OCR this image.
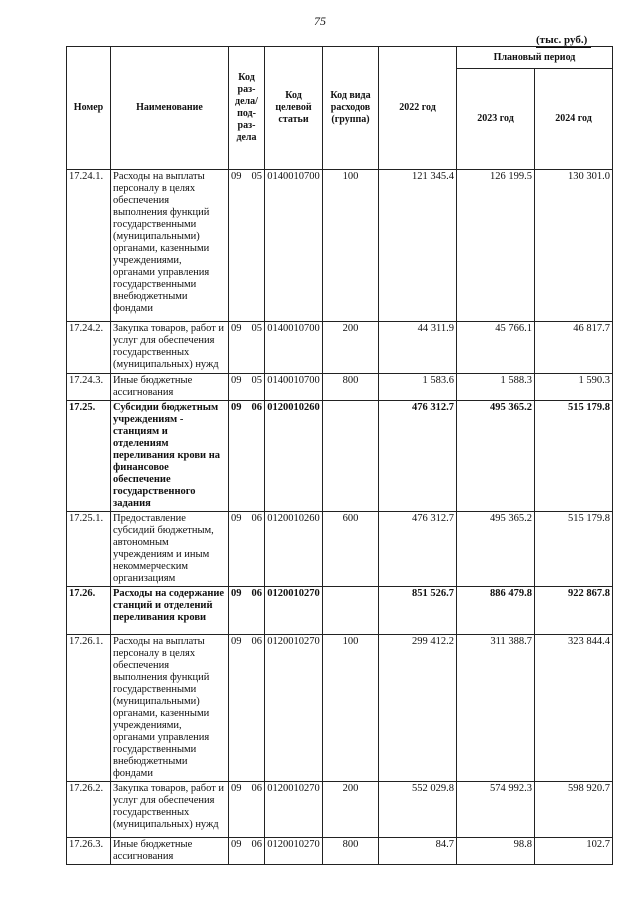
75
(тыс. руб.)
Номер	Наименование	Код раз-дела/ под-раз-дела	Код целевой статьи	Код вида расходов (группа)	2022 год	Плановый период	
						2023 год	2024 год
17.24.1.	Расходы на выплаты персоналу в целях обеспечения выполнения функций государственными (муниципальными) органами, казенными учреждениями, органами управления государственными внебюджетными фондами	09 05	0140010700	100	121 345.4	126 199.5	130 301.0
17.24.2.	Закупка товаров, работ и услуг для обеспечения государственных (муниципальных) нужд	09 05	0140010700	200	44 311.9	45 766.1	46 817.7
17.24.3.	Иные бюджетные ассигнования	09 05	0140010700	800	1 583.6	1 588.3	1 590.3
17.25.	Субсидии бюджетным учреждениям - станциям и отделениям переливания крови на финансовое обеспечение государственного задания	09 06	0120010260		476 312.7	495 365.2	515 179.8
17.25.1.	Предоставление субсидий бюджетным, автономным учреждениям и иным некоммерческим организациям	09 06	0120010260	600	476 312.7	495 365.2	515 179.8
17.26.	Расходы на содержание станций и отделений переливания крови	09 06	0120010270		851 526.7	886 479.8	922 867.8
17.26.1.	Расходы на выплаты персоналу в целях обеспечения выполнения функций государственными (муниципальными) органами, казенными учреждениями, органами управления государственными внебюджетными фондами	09 06	0120010270	100	299 412.2	311 388.7	323 844.4
17.26.2.	Закупка товаров, работ и услуг для обеспечения государственных (муниципальных) нужд	09 06	0120010270	200	552 029.8	574 992.3	598 920.7
17.26.3.	Иные бюджетные ассигнования	09 06	0120010270	800	84.7	98.8	102.7
